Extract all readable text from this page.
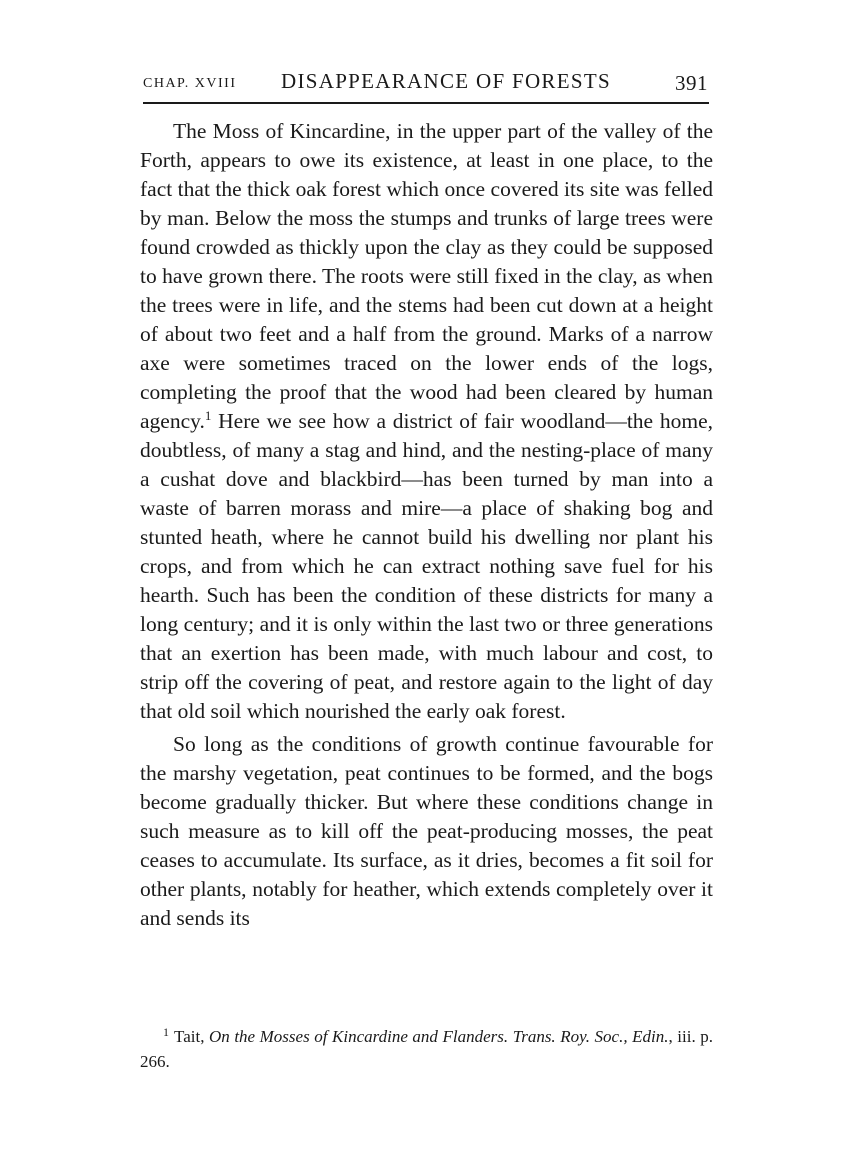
CHAP. XVIII DISAPPEARANCE OF FORESTS	391

The Moss of Kincardine, in the upper part of the valley of the Forth, appears to owe its existence, at least in one place, to the fact that the thick oak forest which once covered its site was felled by man. Below the moss the stumps and trunks of large trees were found crowded as thickly upon the clay as they could be supposed to have grown there. The roots were still fixed in the clay, as when the trees were in life, and the stems had been cut down at a height of about two feet and a half from the ground. Marks of a narrow axe were sometimes traced on the lower ends of the logs, completing the proof that the wood had been cleared by human agency.$^1$ Here we see how a district of fair woodland—the home, doubtless, of many a stag and hind, and the nesting-place of many a cushat dove and blackbird—has been turned by man into a waste of barren morass and mire—a place of shaking bog and stunted heath, where he cannot build his dwelling nor plant his crops, and from which he can extract nothing save fuel for his hearth. Such has been the condition of these districts for many a long century; and it is only within the last two or three generations that an exertion has been made, with much labour and cost, to strip off the covering of peat, and restore again to the light of day that old soil which nourished the early oak forest.

So long as the conditions of growth continue favourable for the marshy vegetation, peat continues to be formed, and the bogs become gradually thicker. But where these conditions change in such measure as to kill off the peat-producing mosses, the peat ceases to accumulate. Its surface, as it dries, becomes a fit soil for other plants, notably for heather, which extends completely over it and sends its

$^1$ Tait, On the Mosses of Kincardine and Flanders. Trans. Roy. Soc., Edin., iii. p. 266.
